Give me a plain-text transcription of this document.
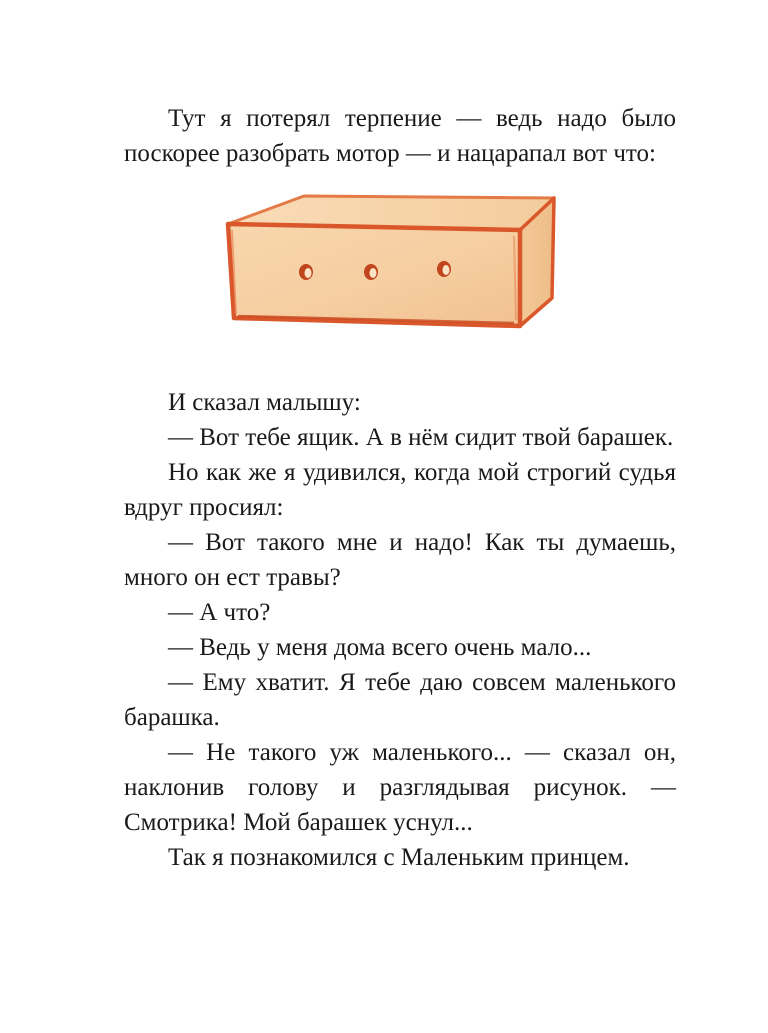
Тут я потерял терпение — ведь надо было поскорее разобрать мотор — и нацарапал вот что:

И сказал малышу:

— Вот тебе ящик. А в нём сидит твой барашек.

Но как же я удивился, когда мой строгий судья вдруг просиял:

— Вот такого мне и надо! Как ты думаешь, много он ест травы?

— А что?

— Ведь у меня дома всего очень мало...

— Ему хватит. Я тебе даю совсем маленького барашка.

— Не такого уж маленького... — сказал он, наклонив голову и разглядывая рисунок. — Смотрика! Мой барашек уснул...

Так я познакомился с Маленьким принцем.
